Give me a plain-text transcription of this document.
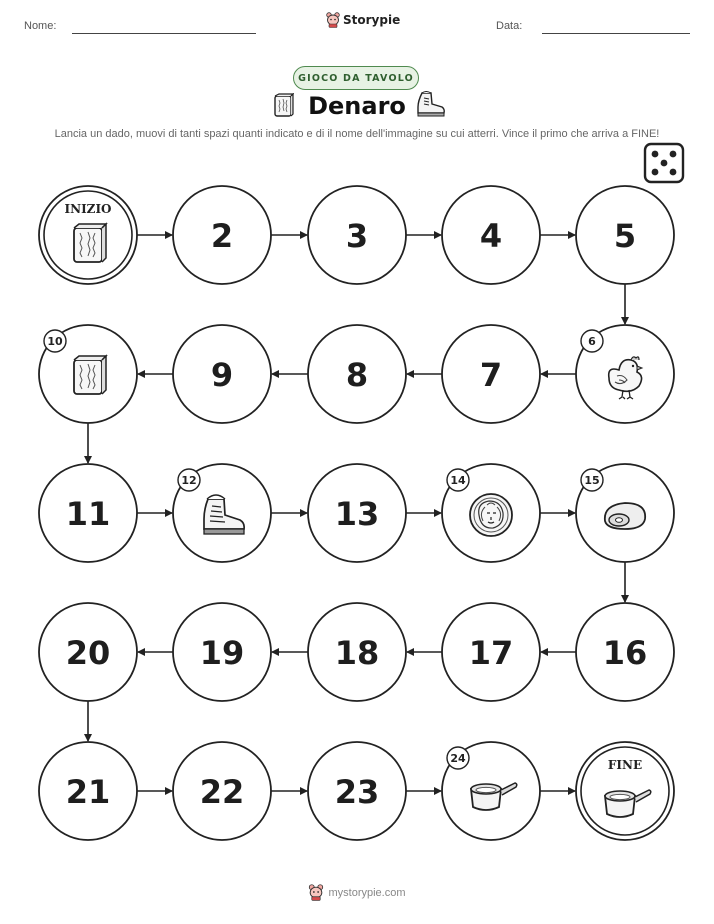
Nome:	Storypie	Data:
GIOCO DA TAVOLO
Denaro
Lancia un dado, muovi di tanti spazi quanti indicato e di il nome dell'immagine su cui atterri. Vince il primo che arriva a FINE!
INIZIO
2	3	4	5
6
7
8
9
10
11
12
13
14	15
16
17
18
19
20
21	22	23
24	FINE
mystorypie.com
